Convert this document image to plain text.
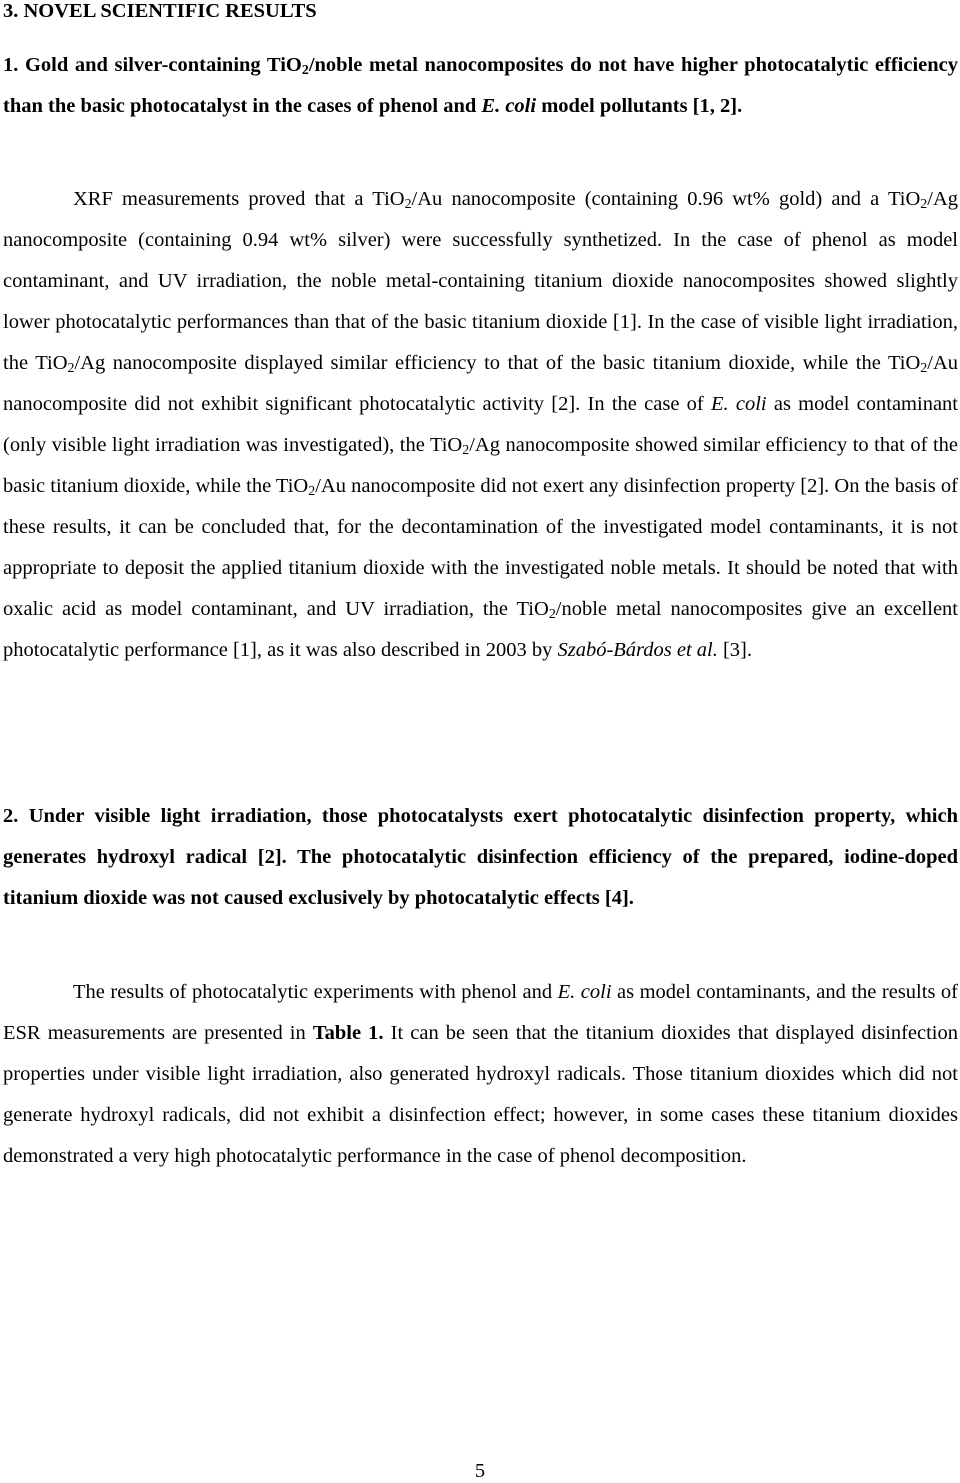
3. NOVEL SCIENTIFIC RESULTS

1. Gold and silver-containing TiO$_2$/noble metal nanocomposites do not have higher photocatalytic efficiency than the basic photocatalyst in the cases of phenol and E. coli model pollutants [1, 2].

XRF measurements proved that a TiO$_2$/Au nanocomposite (containing 0.96 wt% gold) and a TiO$_2$/Ag nanocomposite (containing 0.94 wt% silver) were successfully synthetized. In the case of phenol as model contaminant, and UV irradiation, the noble metal-containing titanium dioxide nanocomposites showed slightly lower photocatalytic performances than that of the basic titanium dioxide [1]. In the case of visible light irradiation, the TiO$_2$/Ag nanocomposite displayed similar efficiency to that of the basic titanium dioxide, while the TiO$_2$/Au nanocomposite did not exhibit significant photocatalytic activity [2]. In the case of E. coli as model contaminant (only visible light irradiation was investigated), the TiO$_2$/Ag nanocomposite showed similar efficiency to that of the basic titanium dioxide, while the TiO$_2$/Au nanocomposite did not exert any disinfection property [2]. On the basis of these results, it can be concluded that, for the decontamination of the investigated model contaminants, it is not appropriate to deposit the applied titanium dioxide with the investigated noble metals. It should be noted that with oxalic acid as model contaminant, and UV irradiation, the TiO$_2$/noble metal nanocomposites give an excellent photocatalytic performance [1], as it was also described in 2003 by Szabó-Bárdos et al. [3].

2. Under visible light irradiation, those photocatalysts exert photocatalytic disinfection property, which generates hydroxyl radical [2]. The photocatalytic disinfection efficiency of the prepared, iodine-doped titanium dioxide was not caused exclusively by photocatalytic effects [4].

The results of photocatalytic experiments with phenol and E. coli as model contaminants, and the results of ESR measurements are presented in Table 1. It can be seen that the titanium dioxides that displayed disinfection properties under visible light irradiation, also generated hydroxyl radicals. Those titanium dioxides which did not generate hydroxyl radicals, did not exhibit a disinfection effect; however, in some cases these titanium dioxides demonstrated a very high photocatalytic performance in the case of phenol decomposition.

5
